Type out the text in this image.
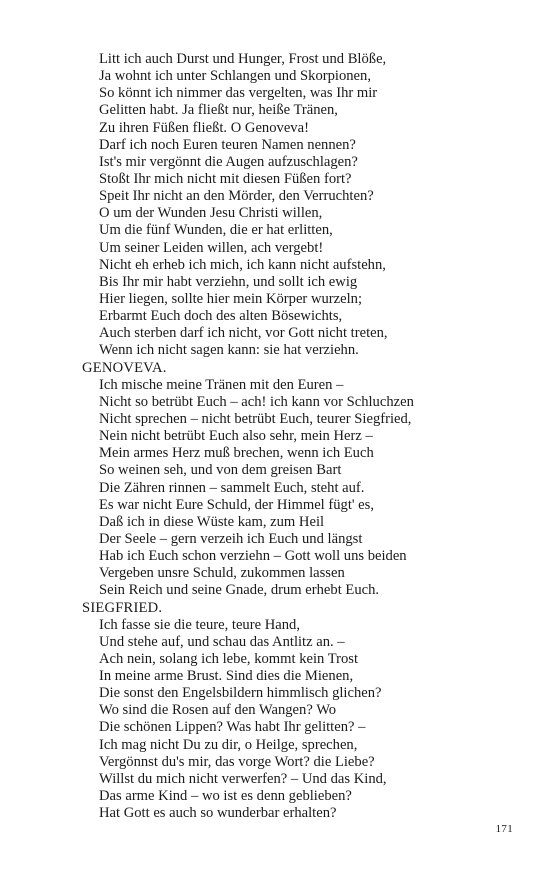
Litt ich auch Durst und Hunger, Frost und Blöße,
Ja wohnt ich unter Schlangen und Skorpionen,
So könnt ich nimmer das vergelten, was Ihr mir
Gelitten habt. Ja fließt nur, heiße Tränen,
Zu ihren Füßen fließt. O Genoveva!
Darf ich noch Euren teuren Namen nennen?
Ist's mir vergönnt die Augen aufzuschlagen?
Stoßt Ihr mich nicht mit diesen Füßen fort?
Speit Ihr nicht an den Mörder, den Verruchten?
O um der Wunden Jesu Christi willen,
Um die fünf Wunden, die er hat erlitten,
Um seiner Leiden willen, ach vergebt!
Nicht eh erheb ich mich, ich kann nicht aufstehn,
Bis Ihr mir habt verziehn, und sollt ich ewig
Hier liegen, sollte hier mein Körper wurzeln;
Erbarmt Euch doch des alten Bösewichts,
Auch sterben darf ich nicht, vor Gott nicht treten,
Wenn ich nicht sagen kann: sie hat verziehn.
GENOVEVA.
Ich mische meine Tränen mit den Euren –
Nicht so betrübt Euch – ach! ich kann vor Schluchzen
Nicht sprechen – nicht betrübt Euch, teurer Siegfried,
Nein nicht betrübt Euch also sehr, mein Herz –
Mein armes Herz muß brechen, wenn ich Euch
So weinen seh, und von dem greisen Bart
Die Zähren rinnen – sammelt Euch, steht auf.
Es war nicht Eure Schuld, der Himmel fügt' es,
Daß ich in diese Wüste kam, zum Heil
Der Seele – gern verzeih ich Euch und längst
Hab ich Euch schon verziehn – Gott woll uns beiden
Vergeben unsre Schuld, zukommen lassen
Sein Reich und seine Gnade, drum erhebt Euch.
SIEGFRIED.
Ich fasse sie die teure, teure Hand,
Und stehe auf, und schau das Antlitz an. –
Ach nein, solang ich lebe, kommt kein Trost
In meine arme Brust. Sind dies die Mienen,
Die sonst den Engelsbildern himmlisch glichen?
Wo sind die Rosen auf den Wangen? Wo
Die schönen Lippen? Was habt Ihr gelitten? –
Ich mag nicht Du zu dir, o Heilge, sprechen,
Vergönnst du's mir, das vorge Wort? die Liebe?
Willst du mich nicht verwerfen? – Und das Kind,
Das arme Kind – wo ist es denn geblieben?
Hat Gott es auch so wunderbar erhalten?
171
